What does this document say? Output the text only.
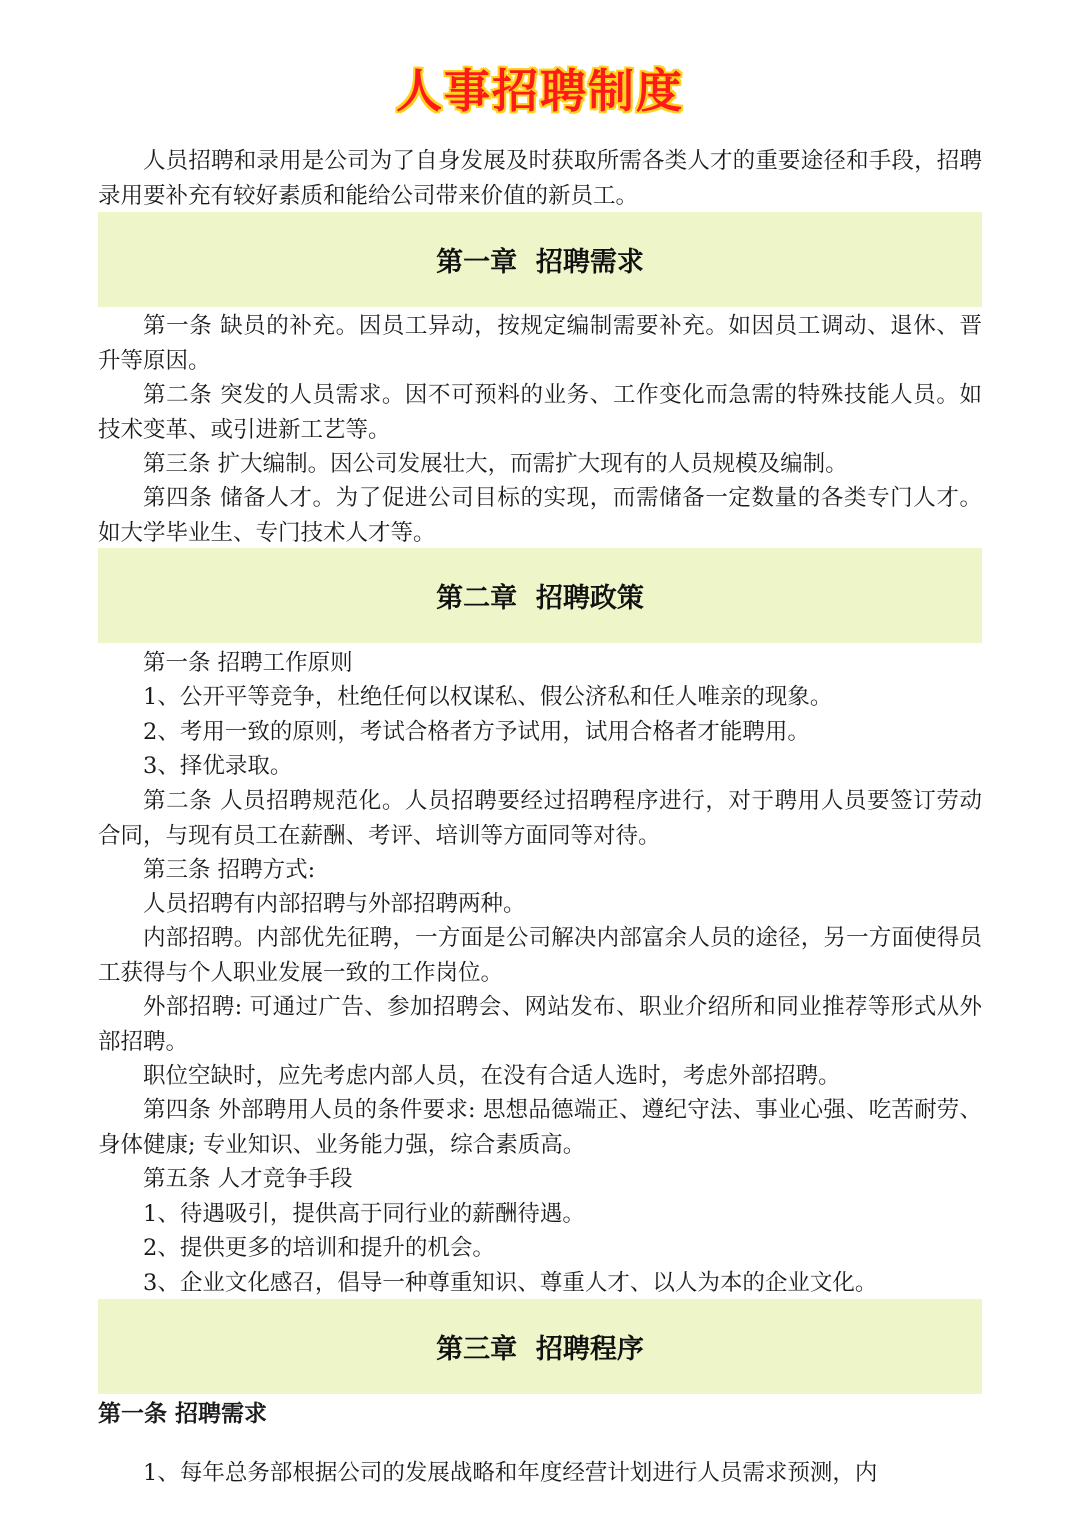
人事招聘制度

人员招聘和录用是公司为了自身发展及时获取所需各类人才的重要途径和手段，招聘录用要补充有较好素质和能给公司带来价值的新员工。

第一章  招聘需求

第一条 缺员的补充。因员工异动，按规定编制需要补充。如因员工调动、退休、晋升等原因。

第二条 突发的人员需求。因不可预料的业务、工作变化而急需的特殊技能人员。如技术变革、或引进新工艺等。

第三条 扩大编制。因公司发展壮大，而需扩大现有的人员规模及编制。

第四条 储备人才。为了促进公司目标的实现，而需储备一定数量的各类专门人才。如大学毕业生、专门技术人才等。

第二章  招聘政策

第一条 招聘工作原则

1、公开平等竞争，杜绝任何以权谋私、假公济私和任人唯亲的现象。

2、考用一致的原则，考试合格者方予试用，试用合格者才能聘用。

3、择优录取。

第二条 人员招聘规范化。人员招聘要经过招聘程序进行，对于聘用人员要签订劳动合同，与现有员工在薪酬、考评、培训等方面同等对待。

第三条 招聘方式:

人员招聘有内部招聘与外部招聘两种。

内部招聘。内部优先征聘，一方面是公司解决内部富余人员的途径，另一方面使得员工获得与个人职业发展一致的工作岗位。

外部招聘: 可通过广告、参加招聘会、网站发布、职业介绍所和同业推荐等形式从外部招聘。

职位空缺时，应先考虑内部人员，在没有合适人选时，考虑外部招聘。

第四条 外部聘用人员的条件要求: 思想品德端正、遵纪守法、事业心强、吃苦耐劳、身体健康; 专业知识、业务能力强，综合素质高。

第五条 人才竞争手段

1、待遇吸引，提供高于同行业的薪酬待遇。

2、提供更多的培训和提升的机会。

3、企业文化感召，倡导一种尊重知识、尊重人才、以人为本的企业文化。

第三章  招聘程序
第一条 招聘需求

1、每年总务部根据公司的发展战略和年度经营计划进行人员需求预测，内
